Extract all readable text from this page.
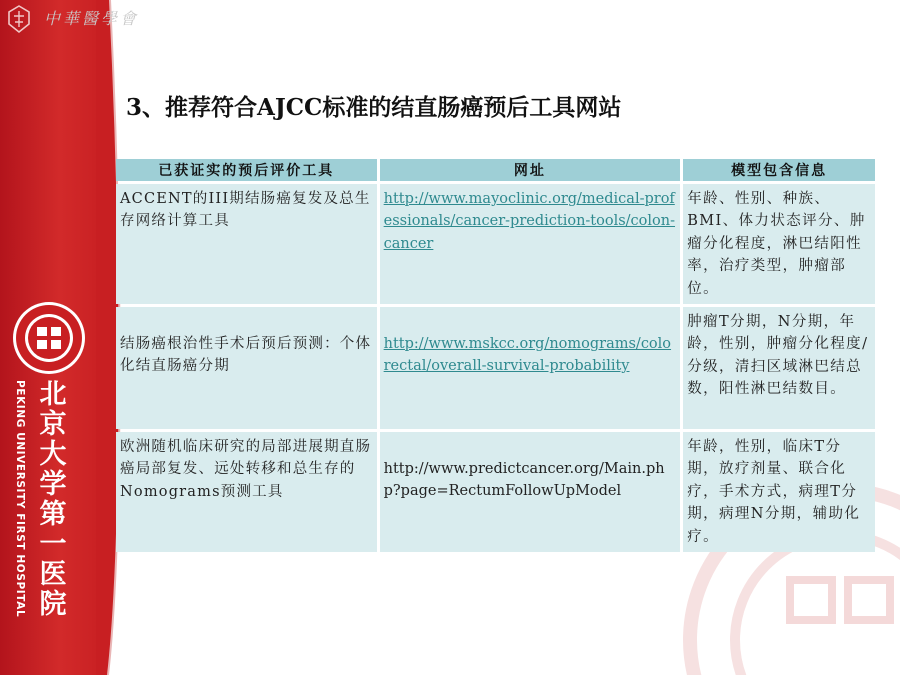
PEKING UNIVERSITY FIRST HOSPITAL 北京大学第一医院
中華醫學會
3、推荐符合AJCC标准的结直肠癌预后工具网站
已获证实的预后评价工具	网址	模型包含信息
ACCENT的III期结肠癌复发及总生存网络计算工具	http://www.mayoclinic.org/medical-professionals/cancer-prediction-tools/colon-cancer	年龄、性别、种族、BMI、体力状态评分、肿瘤分化程度，淋巴结阳性率，治疗类型，肿瘤部位。
结肠癌根治性手术后预后预测：个体化结直肠癌分期	http://www.mskcc.org/nomograms/colorectal/overall-survival-probability	肿瘤T分期，N分期，年龄，性别，肿瘤分化程度/分级，清扫区域淋巴结总数，阳性淋巴结数目。
欧洲随机临床研究的局部进展期直肠癌局部复发、远处转移和总生存的Nomograms预测工具	http://www.predictcancer.org/Main.php?page=RectumFollowUpModel	年龄，性别，临床T分期，放疗剂量、联合化疗，手术方式，病理T分期，病理N分期，辅助化疗。
